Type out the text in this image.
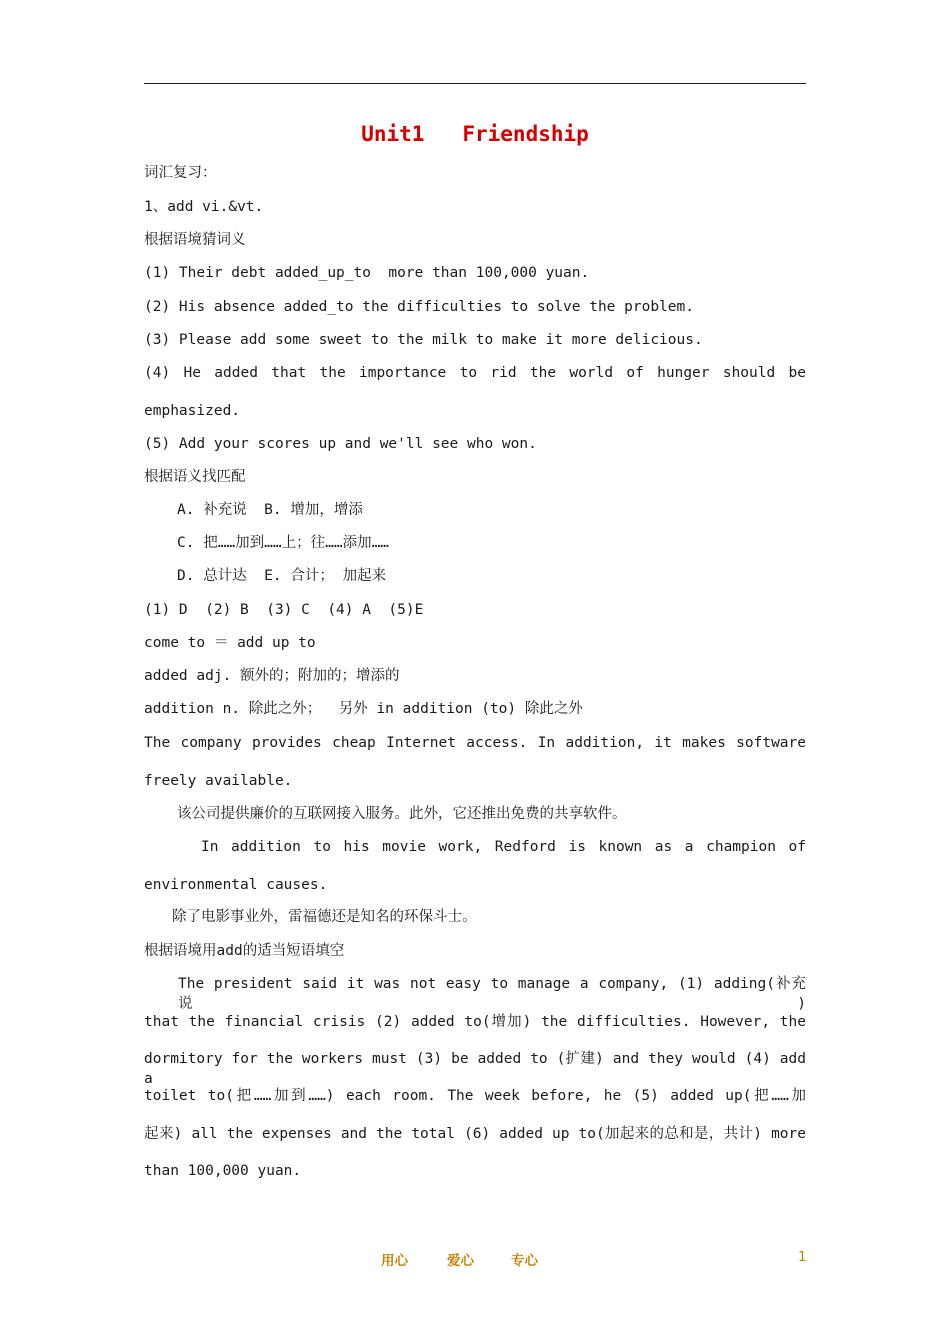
Unit1   Friendship
词汇复习：
1、add vi.&vt.
根据语境猜词义
(1) Their debt added_up_to  more than 100,000 yuan.
(2) His absence added_to the difficulties to solve the problem.
(3) Please add some sweet to the milk to make it more delicious.
(4) He added that the importance to rid the world of hunger should be
emphasized.
(5) Add your scores up and we'll see who won.
根据语义找匹配
A. 补充说  B. 增加，增添
C. 把……加到……上；往……添加……
D. 总计达  E. 合计； 加起来
(1) D  (2) B  (3) C  (4) A  (5)E
come to ＝ add up to
added adj. 额外的；附加的；增添的
addition n. 除此之外；  另外 in addition (to) 除此之外
The company provides cheap Internet access. In addition, it makes software
freely available.
该公司提供廉价的互联网接入服务。此外，它还推出免费的共享软件。
In addition to his movie work, Redford is known as a champion of
environmental causes.
除了电影事业外，雷福德还是知名的环保斗士。
根据语境用add的适当短语填空
The president said it was not easy to manage a company, (1) adding(补充说)
that the financial crisis (2) added to(增加) the difficulties. However, the
dormitory for the workers must (3) be added to (扩建) and they would (4) add a
toilet to(把……加到……) each room. The week before, he (5) added up(把……加
起来) all the expenses and the total (6) added up to(加起来的总和是，共计) more
than 100,000 yuan.
用心	爱心	专心	1
